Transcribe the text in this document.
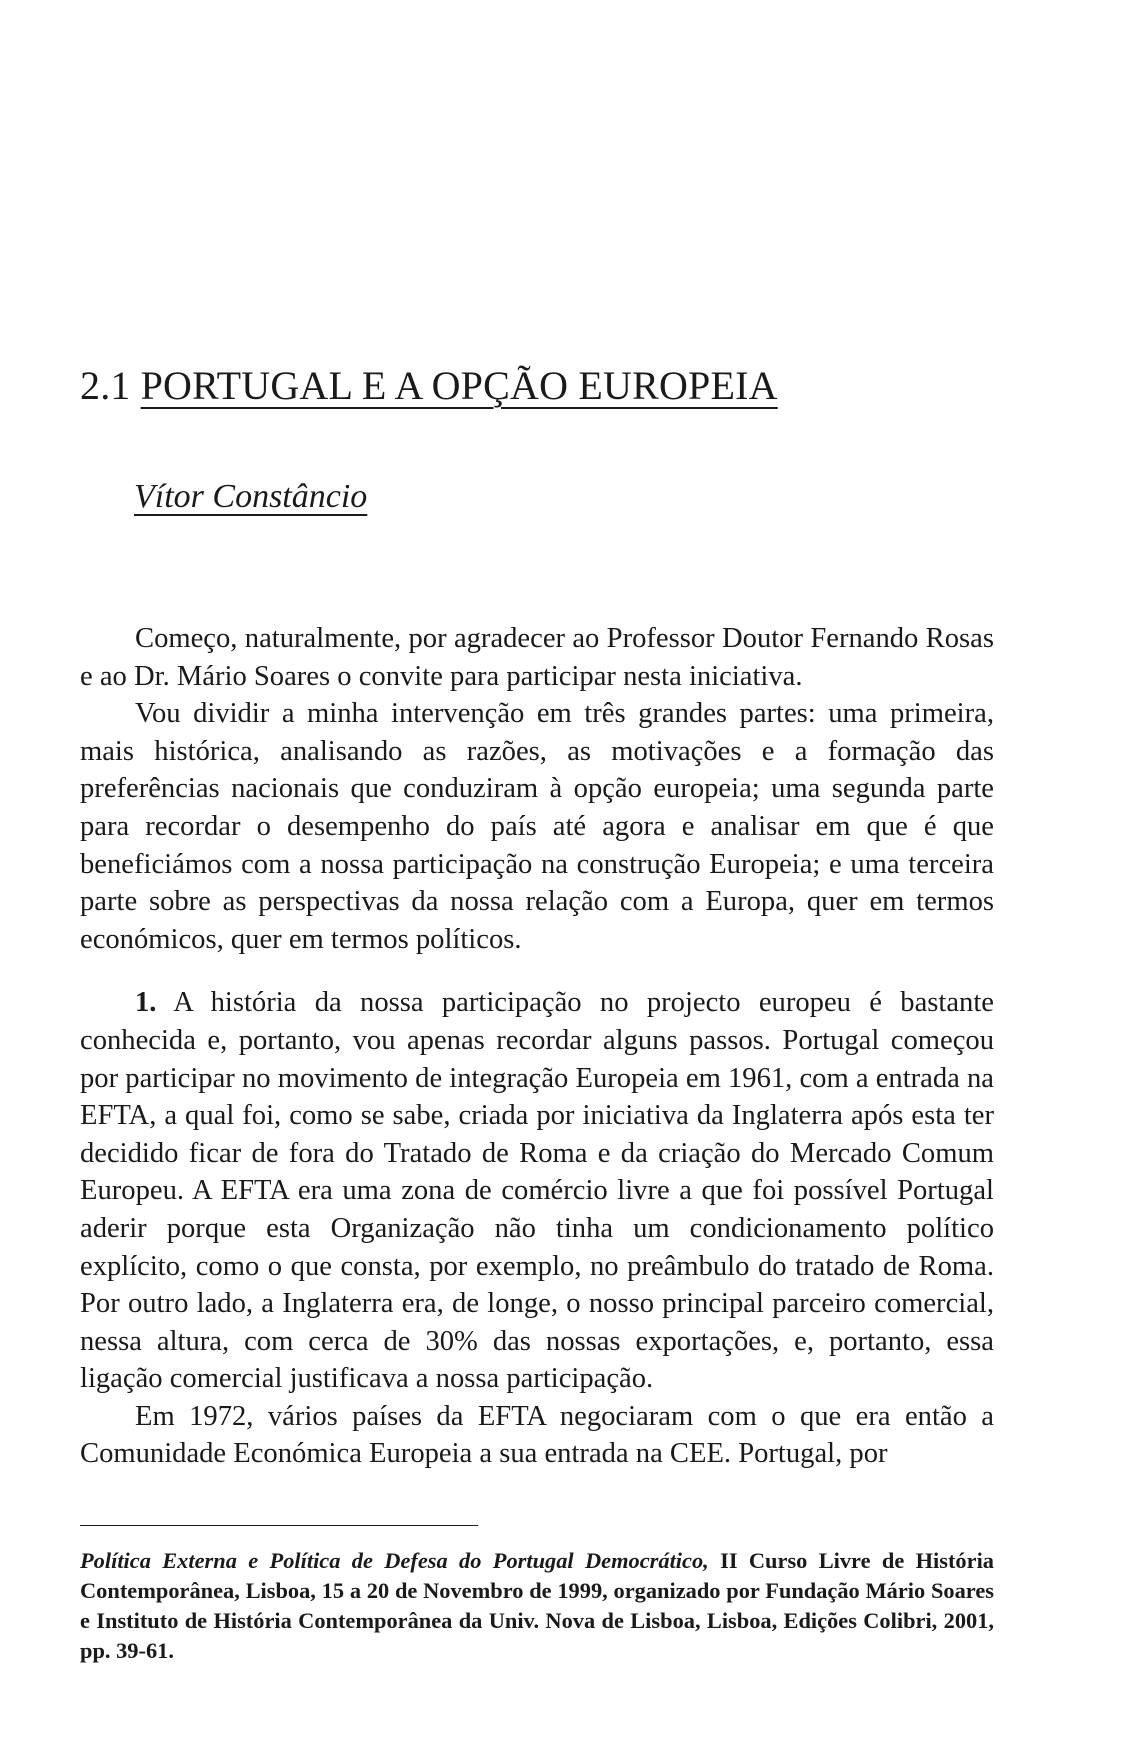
2.1 PORTUGAL E A OPÇÃO EUROPEIA
Vítor Constâncio

Começo, naturalmente, por agradecer ao Professor Doutor Fernando Rosas e ao Dr. Mário Soares o convite para participar nesta iniciativa.

Vou dividir a minha intervenção em três grandes partes: uma primeira, mais histórica, analisando as razões, as motivações e a formação das preferências nacionais que conduziram à opção europeia; uma segunda parte para recordar o desempenho do país até agora e analisar em que é que beneficiámos com a nossa participação na construção Europeia; e uma terceira parte sobre as perspectivas da nossa relação com a Europa, quer em termos económicos, quer em termos políticos.

1. A história da nossa participação no projecto europeu é bastante conhecida e, portanto, vou apenas recordar alguns passos. Portugal começou por participar no movimento de integração Europeia em 1961, com a entrada na EFTA, a qual foi, como se sabe, criada por iniciativa da Inglaterra após esta ter decidido ficar de fora do Tratado de Roma e da criação do Mercado Comum Europeu. A EFTA era uma zona de comércio livre a que foi possível Portugal aderir porque esta Organização não tinha um condicionamento político explícito, como o que consta, por exemplo, no preâmbulo do tratado de Roma. Por outro lado, a Inglaterra era, de longe, o nosso principal parceiro comercial, nessa altura, com cerca de 30% das nossas exportações, e, portanto, essa ligação comercial justificava a nossa participação.

Em 1972, vários países da EFTA negociaram com o que era então a Comunidade Económica Europeia a sua entrada na CEE. Portugal, por

Política Externa e Política de Defesa do Portugal Democrático, II Curso Livre de História Contemporânea, Lisboa, 15 a 20 de Novembro de 1999, organizado por Fundação Mário Soares e Instituto de História Contemporânea da Univ. Nova de Lisboa, Lisboa, Edições Colibri, 2001, pp. 39-61.
